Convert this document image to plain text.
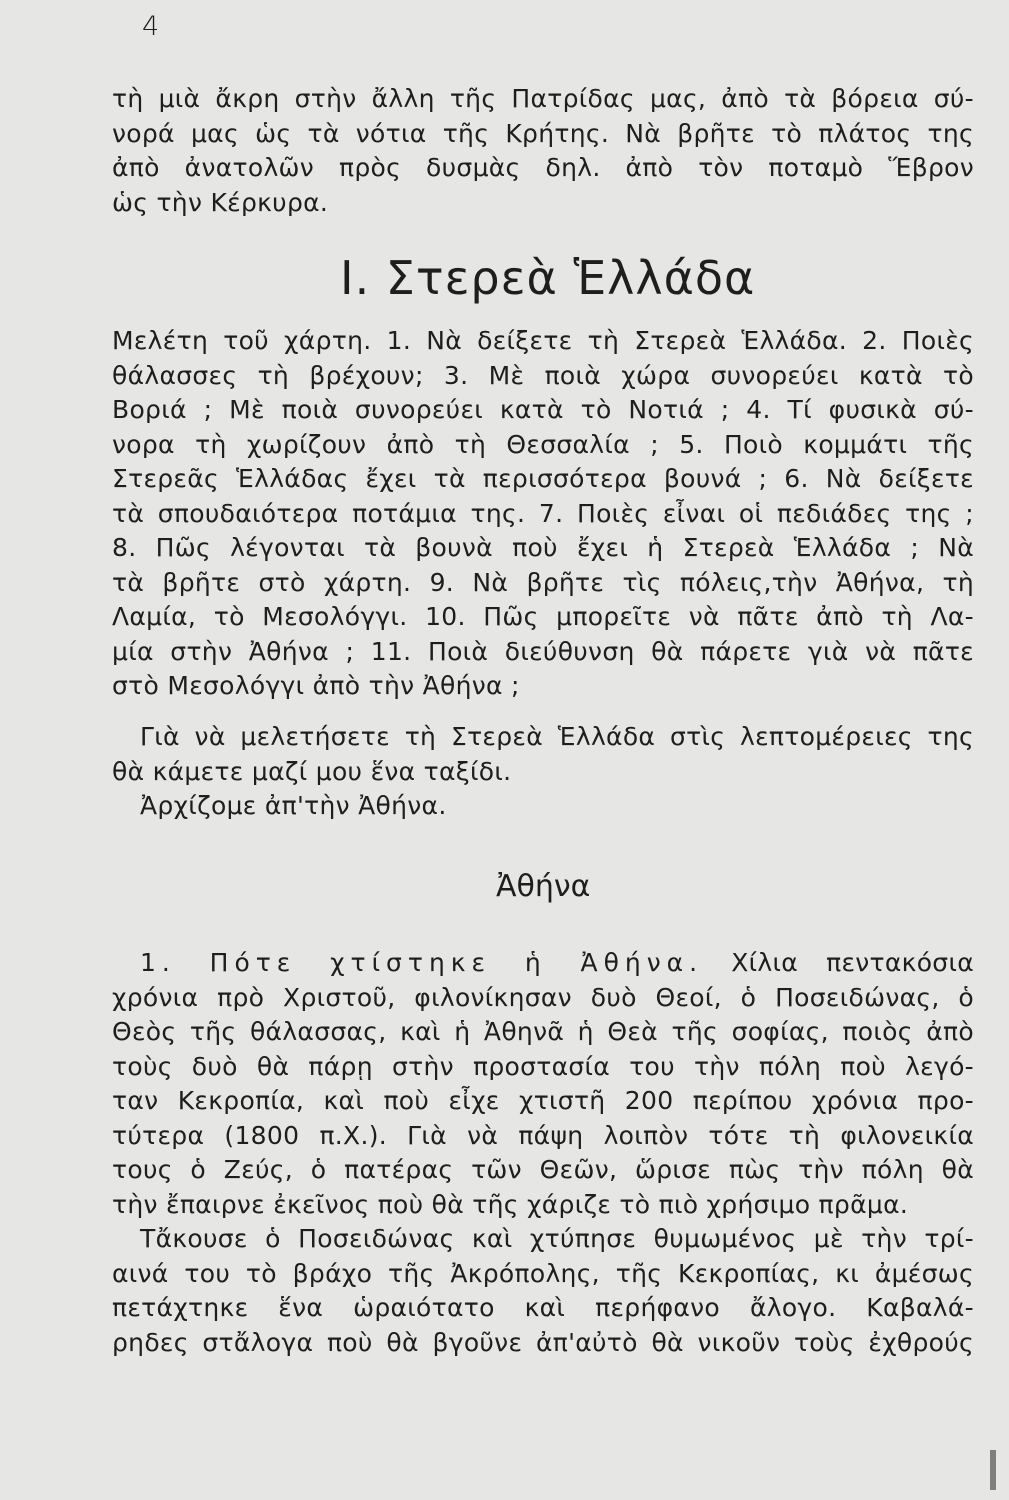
4
τὴ μιὰ ἄκρη στὴν ἄλλη τῆς Πατρίδας μας, ἀπὸ τὰ βόρεια σύ-
νορά μας ὡς τὰ νότια τῆς Κρήτης. Νὰ βρῆτε τὸ πλάτος της
ἀπὸ ἀνατολῶν πρὸς δυσμὰς δηλ. ἀπὸ τὸν ποταμὸ Ἕβρον
ὡς τὴν Κέρκυρα.
Ι. Στερεὰ Ἑλλάδα
Μελέτη τοῦ χάρτη. 1. Νὰ δείξετε τὴ Στερεὰ Ἑλλάδα. 2. Ποιὲς
θάλασσες τὴ βρέχουν; 3. Μὲ ποιὰ χώρα συνορεύει κατὰ τὸ
Βοριά ; Μὲ ποιὰ συνορεύει κατὰ τὸ Νοτιά ; 4. Τί φυσικὰ σύ-
νορα τὴ χωρίζουν ἀπὸ τὴ Θεσσαλία ; 5. Ποιὸ κομμάτι τῆς
Στερεᾶς Ἑλλάδας ἔχει τὰ περισσότερα βουνά ; 6. Νὰ δείξετε
τὰ σπουδαιότερα ποτάμια της. 7. Ποιὲς εἶναι οἱ πεδιάδες της ;
8. Πῶς λέγονται τὰ βουνὰ ποὺ ἔχει ἡ Στερεὰ Ἑλλάδα ; Νὰ
τὰ βρῆτε στὸ χάρτη. 9. Νὰ βρῆτε τὶς πόλεις,τὴν Ἀθήνα, τὴ
Λαμία, τὸ Μεσολόγγι. 10. Πῶς μπορεῖτε νὰ πᾶτε ἀπὸ τὴ Λα-
μία στὴν Ἀθήνα ; 11. Ποιὰ διεύθυνση θὰ πάρετε γιὰ νὰ πᾶτε
στὸ Μεσολόγγι ἀπὸ τὴν Ἀθήνα ;
Γιὰ νὰ μελετήσετε τὴ Στερεὰ Ἑλλάδα στὶς λεπτομέρειες της
θὰ κάμετε μαζί μου ἕνα ταξίδι.
Ἀρχίζομε ἀπ'τὴν Ἀθήνα.
Ἀθήνα
1. Πότε χτίστηκε ἡ Ἀθήνα. Χίλια πεντακόσια
χρόνια πρὸ Χριστοῦ, φιλονίκησαν δυὸ Θεοί, ὁ Ποσειδώνας, ὁ
Θεὸς τῆς θάλασσας, καὶ ἡ Ἀθηνᾶ ἡ Θεὰ τῆς σοφίας, ποιὸς ἀπὸ
τοὺς δυὸ θὰ πάρῃ στὴν προστασία του τὴν πόλη ποὺ λεγό-
ταν Κεκροπία, καὶ ποὺ εἶχε χτιστῆ 200 περίπου χρόνια προ-
τύτερα (1800 π.Χ.). Γιὰ νὰ πάψη λοιπὸν τότε τὴ φιλονεικία
τους ὁ Ζεύς, ὁ πατέρας τῶν Θεῶν, ὥρισε πὼς τὴν πόλη θὰ
τὴν ἔπαιρνε ἐκεῖνος ποὺ θὰ τῆς χάριζε τὸ πιὸ χρήσιμο πρᾶμα.
Τἄκουσε ὁ Ποσειδώνας καὶ χτύπησε θυμωμένος μὲ τὴν τρί-
αινά του τὸ βράχο τῆς Ἀκρόπολης, τῆς Κεκροπίας, κι ἀμέσως
πετάχτηκε ἕνα ὡραιότατο καὶ περήφανο ἄλογο. Καβαλά-
ρηδες στἄλογα ποὺ θὰ βγοῦνε ἀπ'αὐτὸ θὰ νικοῦν τοὺς ἐχθρούς
